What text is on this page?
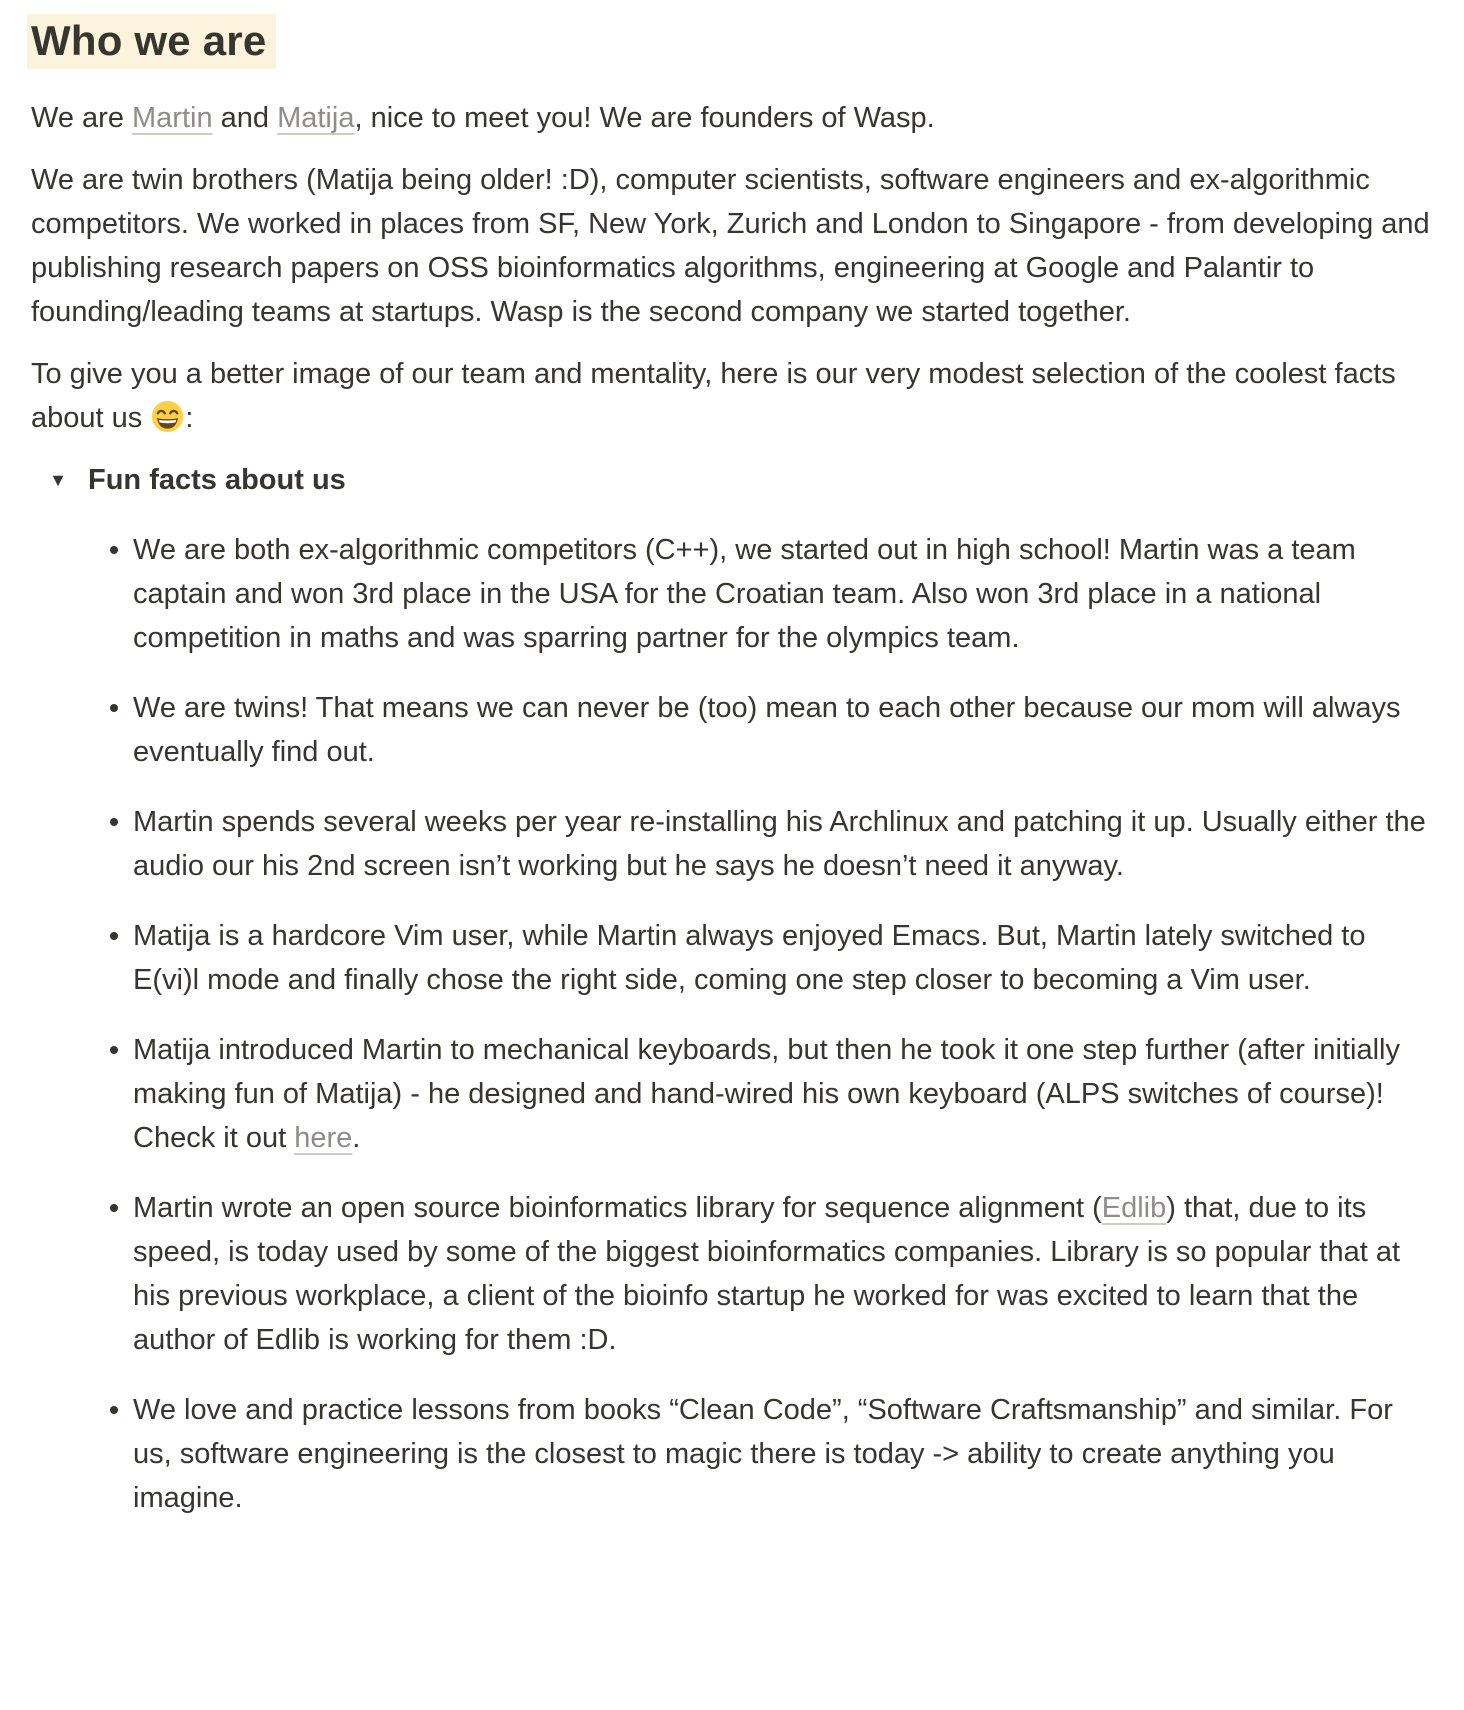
Who we are

We are Martin and Matija, nice to meet you! We are founders of Wasp.

We are twin brothers (Matija being older! :D), computer scientists, software engineers and ex-algorithmic competitors. We worked in places from SF, New York, Zurich and London to Singapore - from developing and publishing research papers on OSS bioinformatics algorithms, engineering at Google and Palantir to founding/leading teams at startups. Wasp is the second company we started together.

To give you a better image of our team and mentality, here is our very modest selection of the coolest facts about us
:

▼ Fun facts about us
We are both ex-algorithmic competitors (C++), we started out in high school! Martin was a team captain and won 3rd place in the USA for the Croatian team. Also won 3rd place in a national competition in maths and was sparring partner for the olympics team.
We are twins! That means we can never be (too) mean to each other because our mom will always eventually find out.
Martin spends several weeks per year re-installing his Archlinux and patching it up. Usually either the audio our his 2nd screen isn’t working but he says he doesn’t need it anyway.
Matija is a hardcore Vim user, while Martin always enjoyed Emacs. But, Martin lately switched to E(vi)l mode and finally chose the right side, coming one step closer to becoming a Vim user.
Matija introduced Martin to mechanical keyboards, but then he took it one step further (after initially making fun of Matija) - he designed and hand-wired his own keyboard (ALPS switches of course)! Check it out here.
Martin wrote an open source bioinformatics library for sequence alignment (Edlib) that, due to its speed, is today used by some of the biggest bioinformatics companies. Library is so popular that at his previous workplace, a client of the bioinfo startup he worked for was excited to learn that the author of Edlib is working for them :D.
We love and practice lessons from books “Clean Code”, “Software Craftsmanship” and similar. For us, software engineering is the closest to magic there is today -> ability to create anything you imagine.
